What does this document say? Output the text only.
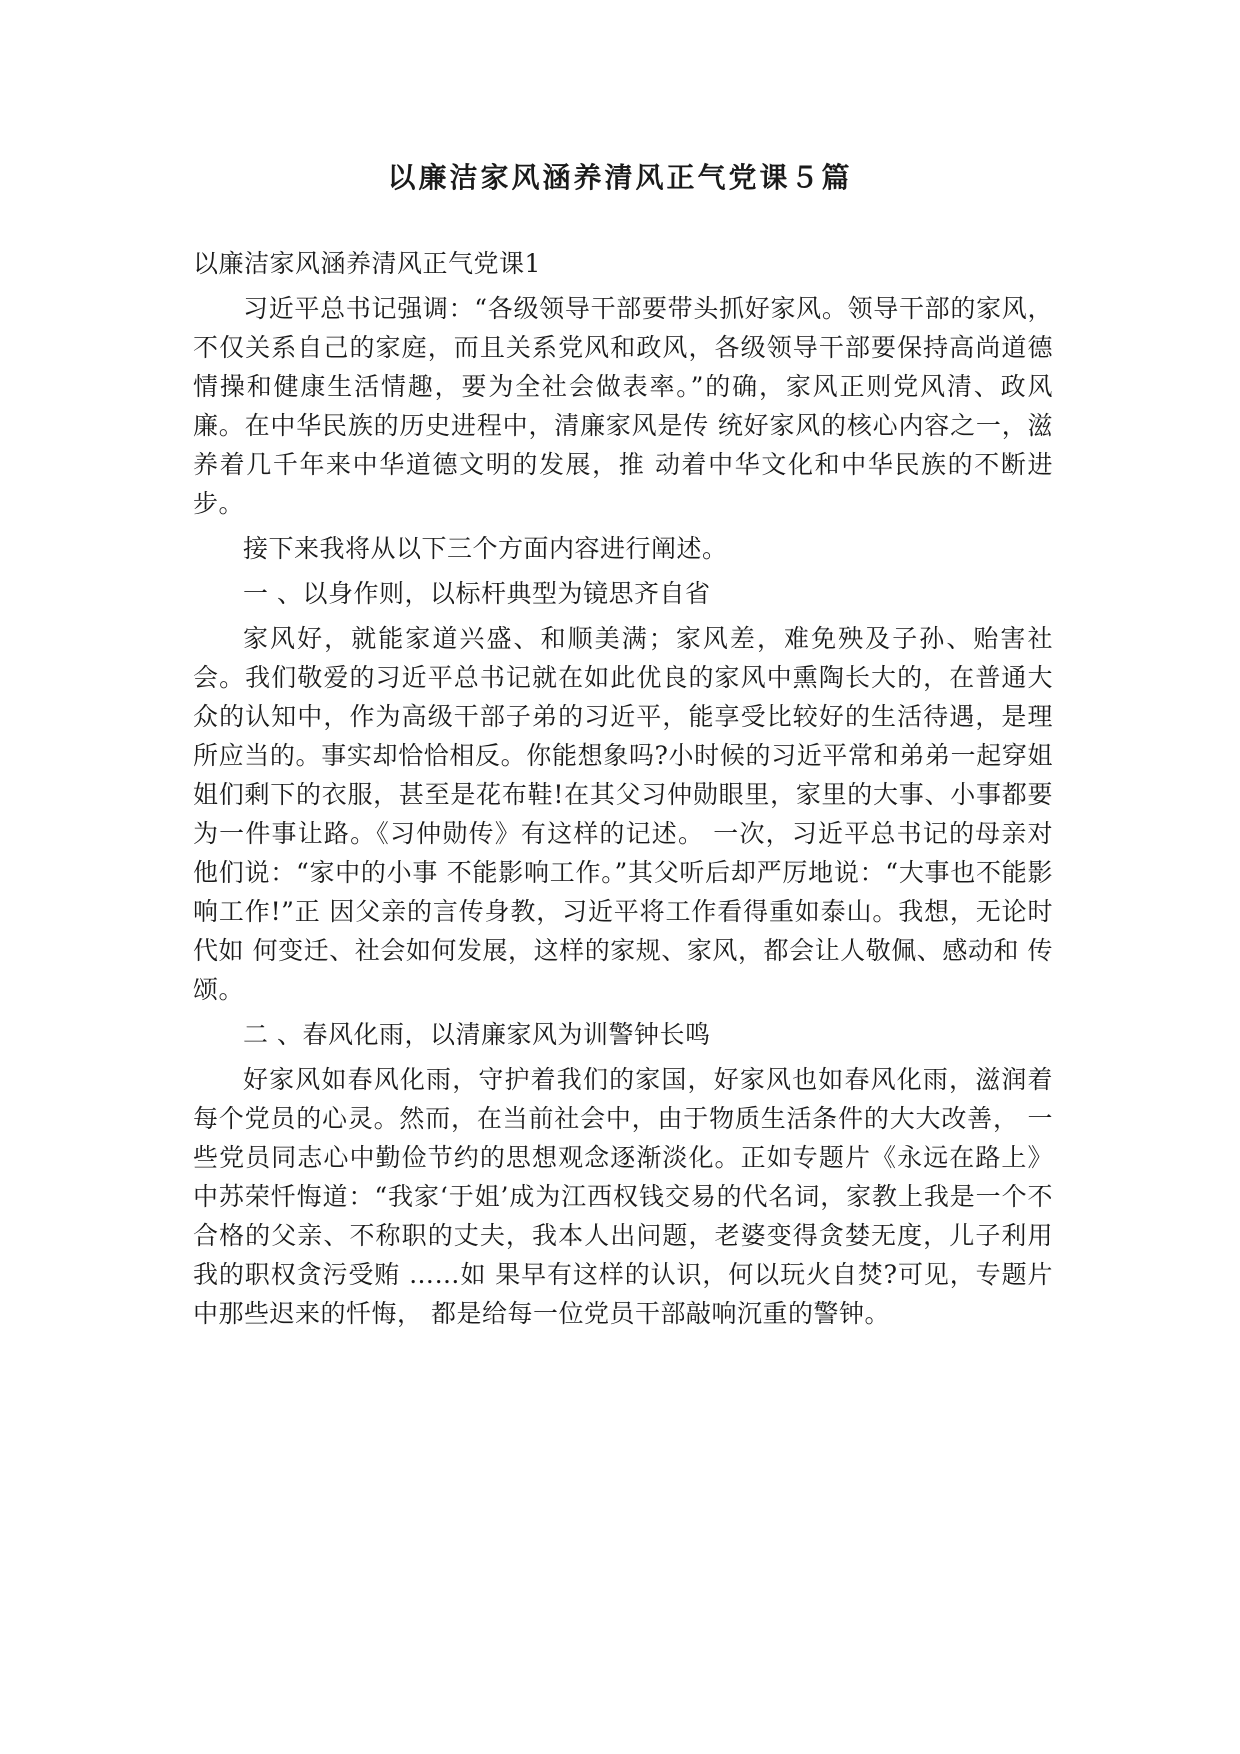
以廉洁家风涵养清风正气党课５篇

以廉洁家风涵养清风正气党课1

习近平总书记强调：“各级领导干部要带头抓好家风。领导干部的家风，不仅关系自己的家庭，而且关系党风和政风，各级领导干部要保持高尚道德情操和健康生活情趣，要为全社会做表率。”的确，家风正则党风清、政风廉。在中华民族的历史进程中，清廉家风是传 统好家风的核心内容之一，滋养着几千年来中华道德文明的发展，推 动着中华文化和中华民族的不断进步。

接下来我将从以下三个方面内容进行阐述。

一 、以身作则，以标杆典型为镜思齐自省

家风好，就能家道兴盛、和顺美满；家风差，难免殃及子孙、贻害社会。我们敬爱的习近平总书记就在如此优良的家风中熏陶长大的，在普通大众的认知中，作为高级干部子弟的习近平，能享受比较好的生活待遇，是理所应当的。事实却恰恰相反。你能想象吗?小时候的习近平常和弟弟一起穿姐姐们剩下的衣服，甚至是花布鞋!在其父习仲勋眼里，家里的大事、小事都要为一件事让路。《习仲勋传》有这样的记述。 一次，习近平总书记的母亲对他们说：“家中的小事 不能影响工作。”其父听后却严厉地说：“大事也不能影响工作!”正 因父亲的言传身教，习近平将工作看得重如泰山。我想，无论时代如 何变迁、社会如何发展，这样的家规、家风，都会让人敬佩、感动和 传颂。

二 、春风化雨，以清廉家风为训警钟长鸣

好家风如春风化雨，守护着我们的家国，好家风也如春风化雨，滋润着每个党员的心灵。然而，在当前社会中，由于物质生活条件的大大改善， 一些党员同志心中勤俭节约的思想观念逐渐淡化。正如专题片《永远在路上》中苏荣忏悔道：“我家‘于姐’成为江西权钱交易的代名词，家教上我是一个不合格的父亲、不称职的丈夫，我本人出问题，老婆变得贪婪无度，儿子利用我的职权贪污受贿 ……如 果早有这样的认识，何以玩火自焚?可见，专题片中那些迟来的忏悔， 都是给每一位党员干部敲响沉重的警钟。
